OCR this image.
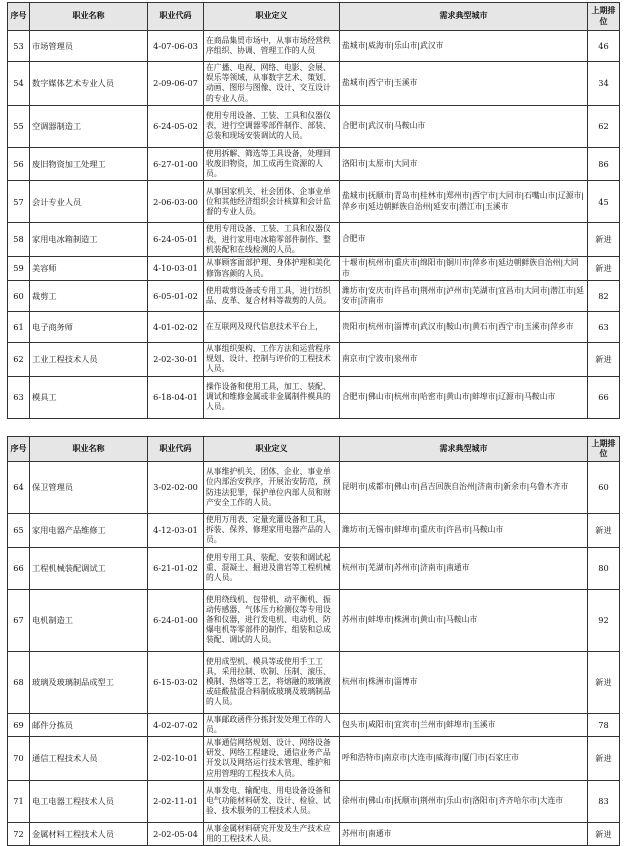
序号	职业名称	职业代码	职业定义	需求典型城市	上期排位
53	市场管理员	4-07-06-03	在商品集贸市场中，从事市场经营秩序组织、协调、管理工作的人员	盐城市|威海市|乐山市|武汉市	46
54	数字媒体艺术专业人员	2-09-06-07	在广播、电视、网络、电影、会展、娱乐等领域，从事数字艺术、策划、动画、图形与图像、设计、交互设计的专业人员。	盐城市|西宁市|玉溪市	34
55	空调器制造工	6-24-05-02	使用专用设备、工装、工具和仪器仪表，进行空调器零部件制作、部装、总装和现场安装调试的人员。	合肥市|武汉市|马鞍山市	62
56	废旧物资加工处理工	6-27-01-00	使用拆解、筛选等工具设备，处理回收废旧物资，加工成再生资源的人员。	洛阳市|太原市|大同市	86
57	会计专业人员	2-06-03-00	从事国家机关、社会团体、企事业单位和其他经济组织会计核算和会计监督的专业人员。	盐城市|抚顺市|青岛市|桂林市|郑州市|西宁市|大同市|石嘴山市|辽源市|萍乡市|延边朝鲜族自治州|延安市|潜江市|玉溪市	45
58	家用电冰箱制造工	6-24-05-01	使用专用设备、工装、工具和仪器仪表，进行家用电冰箱零部件制作、整机装配和在线检测的人员。	合肥市	新进
59	美容师	4-10-03-01	从事顾客面部护理、身体护理和美化修饰容颜的人员。	十堰市|杭州市|重庆市|绵阳市|铜川市|萍乡市|延边朝鲜族自治州|大同市	新进
60	裁剪工	6-05-01-02	使用裁剪设备或专用工具，进行纺织品、皮革、复合材料等裁剪的人员。	潍坊市|安庆市|许昌市|荆州市|泸州市|芜湖市|宜昌市|大同市|潜江市|延安市|济南市	82
61	电子商务师	4-01-02-02	在互联网及现代信息技术平台上，	贵阳市|杭州市|淄博市|武汉市|鞍山市|黄石市|西宁市|玉溪市|萍乡市	63
62	工业工程技术人员	2-02-30-01	从事组织架构、工作方法和运营程序规划、设计、控制与评价的工程技术人员。	南京市|宁波市|泉州市	新进
63	模具工	6-18-04-01	操作设备和使用工具，加工、装配、调试和维修金属或非金属制件模具的人员。	合肥市|佛山市|杭州市|哈密市|黄山市|蚌埠市|辽源市|马鞍山市	66
序号	职业名称	职业代码	职业定义	需求典型城市	上期排位
64	保卫管理员	3-02-02-00	从事维护机关、团体、企业、事业单位内部治安秩序，开展治安防范，预防违法犯罪，保护单位内部人员和财产安全工作的人员。	昆明市|成都市|佛山市|昌吉回族自治州|济南市|新余市|乌鲁木齐市	60
65	家用电器产品维修工	4-12-03-01	使用万用表、定量充灌设备和工具，拆装、保养、修理家用电器产品的人员。	潍坊市|无锡市|蚌埠市|重庆市|许昌市|马鞍山市	新进
66	工程机械装配调试工	6-21-01-02	使用专用工具、装配、安装和调试起重、混凝土、掘进及凿岩等工程机械的人员。	杭州市|芜湖市|苏州市|济南市|南通市	80
67	电机制造工	6-24-01-00	使用绕线机、包带机、动平衡机、振动传感器、气体压力检测仪等专用设备和仪器，进行发电机、电动机、防爆电机等零部件的制作、组装和总成装配、调试的人员。	苏州市|蚌埠市|株洲市|黄山市|马鞍山市	92
68	玻璃及玻璃制品成型工	6-15-03-02	使用成型机、模具等或使用手工工具，采用拉制、吹制、压制、滚压、模制、热熔等工艺，将熔融的玻璃液或硅酸盐混合料制成玻璃及玻璃制品的人员。	杭州市|株洲市|淄博市	新进
69	邮件分拣员	4-02-07-02	从事邮政函件分拣封发处理工作的人员。	包头市|咸阳市|宜宾市|兰州市|蚌埠市|玉溪市	78
70	通信工程技术人员	2-02-10-01	从事通信网络规划、设计、网络设备研发、网络工程建设、通信业务产品开发以及网络运行技术管理、维护和应用管理的工程技术人员。	呼和浩特市|南京市|大连市|威海市|厦门市|石家庄市	新进
71	电工电器工程技术人员	2-02-11-01	从事发电、输配电、用电设备设备和电气功能材料研发、设计、检验、试验、技术服务的工程技术人员。	徐州市|佛山市|抚顺市|荆州市|乐山市|洛阳市|齐齐哈尔市|大连市	83
72	金属材料工程技术人员	2-02-05-04	从事金属材料研究开发及生产技术应用的工程技术人员。	苏州市|南通市	新进
